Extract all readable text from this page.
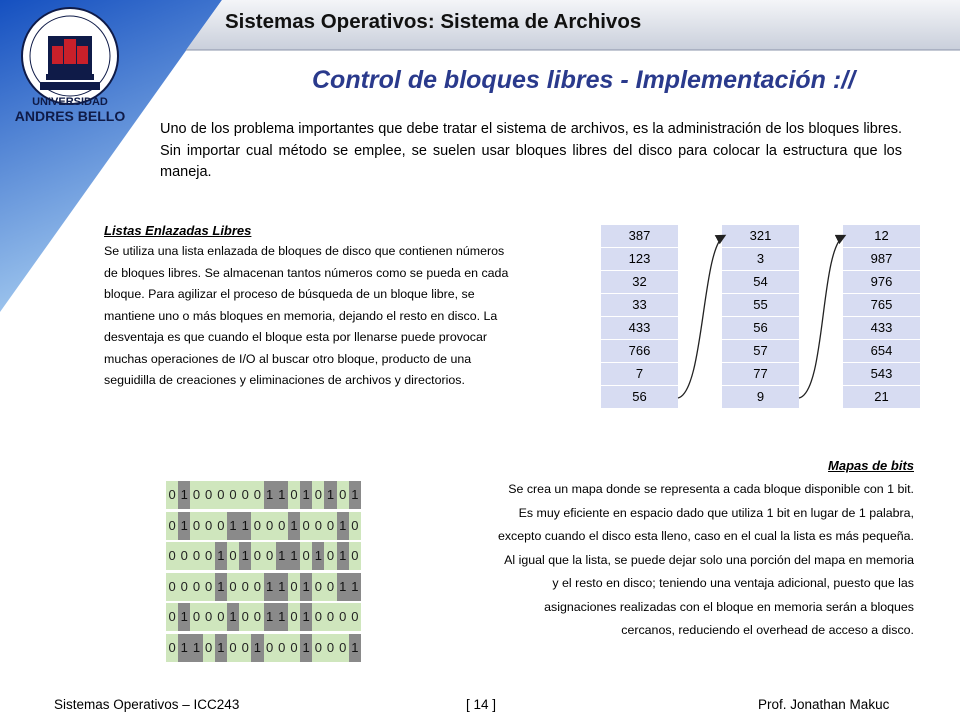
UNIVERSIDAD
ANDRES BELLO
Sistemas Operativos: Sistema de Archivos
Control de bloques libres - Implementación ://
Uno de los problema importantes que debe tratar el sistema de archivos, es la administración de los bloques libres. Sin importar cual método se emplee, se suelen usar bloques libres del disco para colocar la estructura que los maneja.
Listas Enlazadas Libres
Se utiliza una lista enlazada de bloques de disco que contienen números de bloques libres. Se almacenan tantos números como se pueda en cada bloque. Para agilizar el proceso de búsqueda de un bloque libre, se mantiene uno o más bloques en memoria, dejando el resto en disco. La desventaja es que cuando el bloque esta por llenarse puede provocar muchas operaciones de I/O al buscar otro bloque, producto de una seguidilla de creaciones y eliminaciones de archivos y directorios.
387
123
32
33
433
766
7
56
321
3
54
55
56
57
77
9
12
987
976
765
433
654
543
21
0 1 0 0 0 0 0 0 1 1 0 1 0 1 0 1
0 1 0 0 0 1 1 0 0 0 1 0 0 0 1 0
0 0 0 0 1 0 1 0 0 1 1 0 1 0 1 0
0 0 0 0 1 0 0 0 1 1 0 1 0 0 1 1
0 1 0 0 0 1 0 0 1 1 0 1 0 0 0 0
0 1 1 0 1 0 0 1 0 0 0 1 0 0 0 1
Mapas de bits
Se crea un mapa donde se representa a cada bloque disponible con 1 bit. Es muy eficiente en espacio dado que utiliza 1 bit en lugar de 1 palabra, excepto cuando el disco esta lleno, caso en el cual la lista es más pequeña. Al igual que la lista, se puede dejar solo una porción del mapa en memoria y el resto en disco; teniendo una ventaja adicional, puesto que las asignaciones realizadas con el bloque en memoria serán a bloques cercanos, reduciendo el overhead de acceso a disco.
Sistemas Operativos – ICC243	[ 14 ]	Prof. Jonathan Makuc
